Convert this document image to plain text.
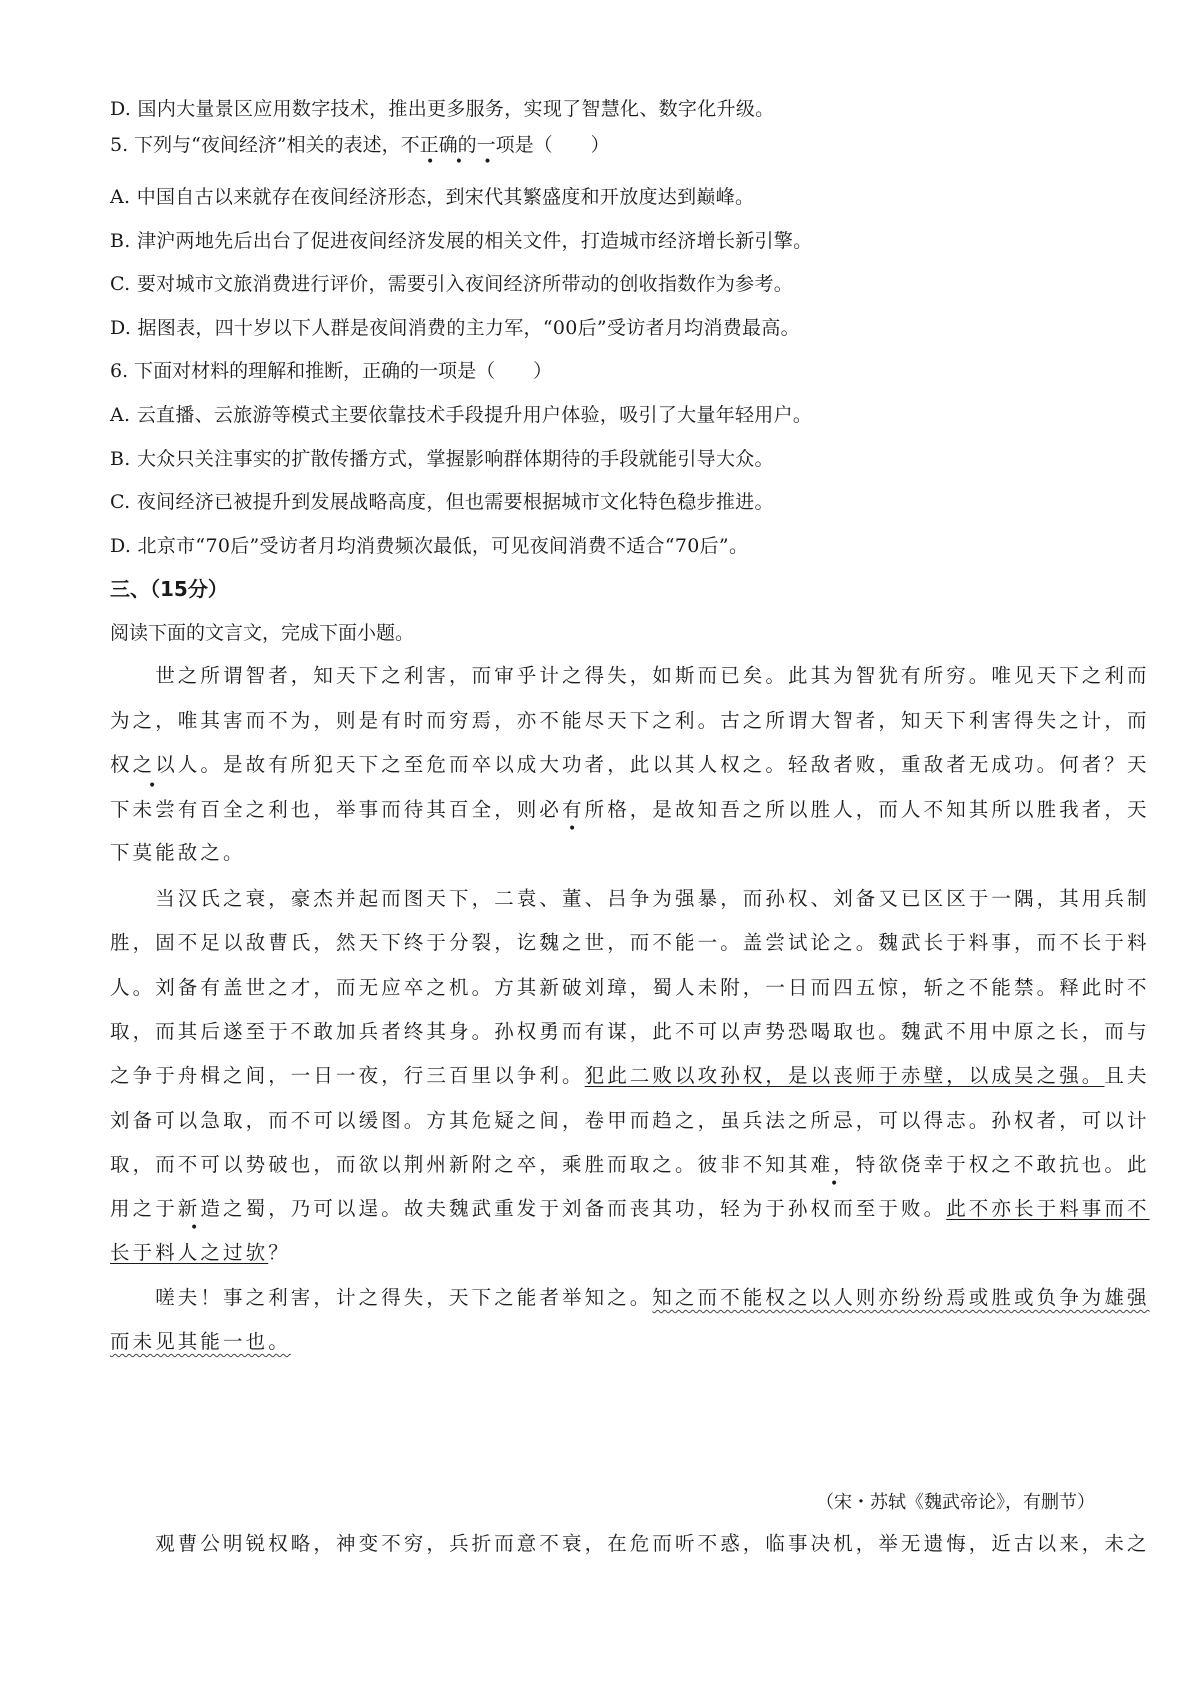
D. 国内大量景区应用数字技术，推出更多服务，实现了智慧化、数字化升级。
5. 下列与“夜间经济”相关的表述，不正确的一项是（　　）
• • •
A. 中国自古以来就存在夜间经济形态，到宋代其繁盛度和开放度达到巅峰。
B. 津沪两地先后出台了促进夜间经济发展的相关文件，打造城市经济增长新引擎。
C. 要对城市文旅消费进行评价，需要引入夜间经济所带动的创收指数作为参考。
D. 据图表，四十岁以下人群是夜间消费的主力军，“00后”受访者月均消费最高。
6. 下面对材料的理解和推断，正确的一项是（　　）
A. 云直播、云旅游等模式主要依靠技术手段提升用户体验，吸引了大量年轻用户。
B. 大众只关注事实的扩散传播方式，掌握影响群体期待的手段就能引导大众。
C. 夜间经济已被提升到发展战略高度，但也需要根据城市文化特色稳步推进。
D. 北京市“70后”受访者月均消费频次最低，可见夜间消费不适合“70后”。
三、（15分）
阅读下面的文言文，完成下面小题。
　　世之所谓智者，知天下之利害，而审乎计之得失，如斯而已矣。此其为智犹有所穷。唯见天下之利而
为之，唯其害而不为，则是有时而穷焉，亦不能尽天下之利。古之所谓大智者，知天下利害得失之计，而
权之以人。是故有所犯天下之至危而卒以成大功者，此以其人权之。轻敌者败，重敌者无成功。何者？天
•
下未尝有百全之利也，举事而待其百全，则必有所格，是故知吾之所以胜人，而人不知其所以胜我者，天
•
下莫能敌之。
　　当汉氏之衰，豪杰并起而图天下，二袁、董、吕争为强暴，而孙权、刘备又已区区于一隅，其用兵制
胜，固不足以敌曹氏，然天下终于分裂，讫魏之世，而不能一。盖尝试论之。魏武长于料事，而不长于料
人。刘备有盖世之才，而无应卒之机。方其新破刘璋，蜀人未附，一日而四五惊，斩之不能禁。释此时不
取，而其后遂至于不敢加兵者终其身。孙权勇而有谋，此不可以声势恐喝取也。魏武不用中原之长，而与
之争于舟楫之间，一日一夜，行三百里以争利。犯此二败以攻孙权，是以丧师于赤壁，以成吴之强。且夫
刘备可以急取，而不可以缓图。方其危疑之间，卷甲而趋之，虽兵法之所忌，可以得志。孙权者，可以计
取，而不可以势破也，而欲以荆州新附之卒，乘胜而取之。彼非不知其难，特欲侥幸于权之不敢抗也。此
•
用之于新造之蜀，乃可以逞。故夫魏武重发于刘备而丧其功，轻为于孙权而至于败。此不亦长于料事而不
•
长于料人之过欤？
　　嗟夫！事之利害，计之得失，天下之能者举知之。知之而不能权之以人则亦纷纷焉或胜或负争为雄强
而未见其能一也。
（宋・苏轼《魏武帝论》，有删节）
　　观曹公明锐权略，神变不穷，兵折而意不衰，在危而听不惑，临事决机，举无遗悔，近古以来，未之
